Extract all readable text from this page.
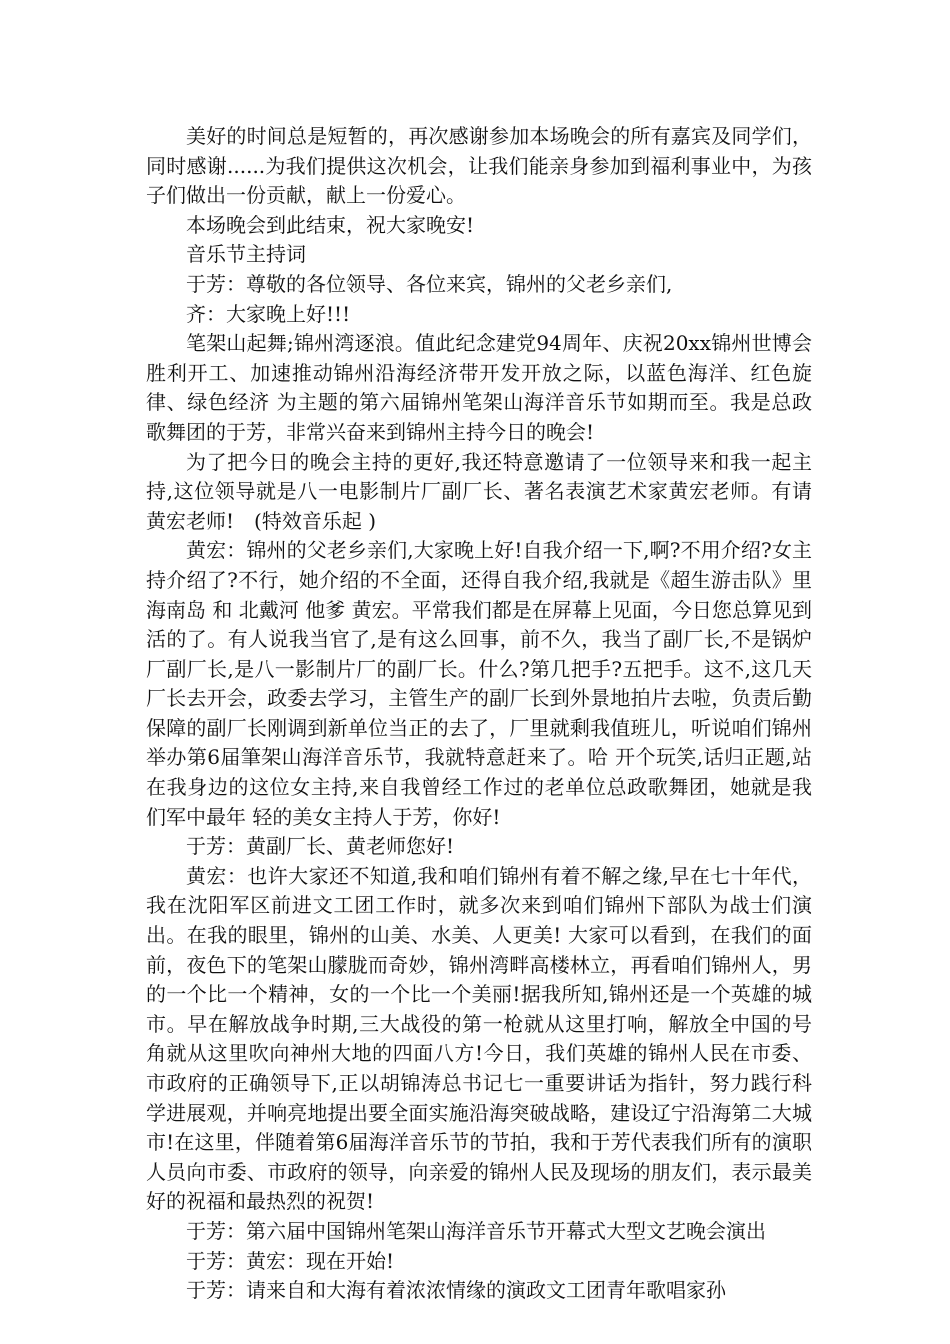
美好的时间总是短暂的，再次感谢参加本场晚会的所有嘉宾及同学们，同时感谢......为我们提供这次机会，让我们能亲身参加到福利事业中，为孩子们做出一份贡献，献上一份爱心。

本场晚会到此结束，祝大家晚安!

音乐节主持词

于芳：尊敬的各位领导、各位来宾，锦州的父老乡亲们,

齐：大家晚上好!!!

笔架山起舞;锦州湾逐浪。值此纪念建党94周年、庆祝20xx锦州世博会胜利开工、加速推动锦州沿海经济带开发开放之际，以蓝色海洋、红色旋律、绿色经济 为主题的第六届锦州笔架山海洋音乐节如期而至。我是总政歌舞团的于芳，非常兴奋来到锦州主持今日的晚会!

为了把今日的晚会主持的更好,我还特意邀请了一位领导来和我一起主持,这位领导就是八一电影制片厂副厂长、著名表演艺术家黄宏老师。有请黄宏老师!　(特效音乐起 )

黄宏：锦州的父老乡亲们,大家晚上好!自我介绍一下,啊?不用介绍?女主持介绍了?不行，她介绍的不全面，还得自我介绍,我就是《超生游击队》里 海南岛 和 北戴河 他爹 黄宏。平常我们都是在屏幕上见面，今日您总算见到活的了。有人说我当官了,是有这么回事，前不久，我当了副厂长,不是锅炉厂副厂长,是八一影制片厂的副厂长。什么?第几把手?五把手。这不,这几天厂长去开会，政委去学习，主管生产的副厂长到外景地拍片去啦，负责后勤保障的副厂长刚调到新单位当正的去了，厂里就剩我值班儿，听说咱们锦州举办第6届筆架山海洋音乐节，我就特意赶来了。哈 开个玩笑,话归正题,站在我身边的这位女主持,来自我曾经工作过的老单位总政歌舞团，她就是我们军中最年 轻的美女主持人于芳，你好!

于芳：黄副厂长、黄老师您好!

黄宏：也许大家还不知道,我和咱们锦州有着不解之缘,早在七十年代，我在沈阳军区前进文工团工作时，就多次来到咱们锦州下部队为战士们演出。在我的眼里，锦州的山美、水美、人更美! 大家可以看到，在我们的面前，夜色下的笔架山朦胧而奇妙，锦州湾畔高楼林立，再看咱们锦州人，男的一个比一个精神，女的一个比一个美丽!据我所知,锦州还是一个英雄的城市。早在解放战争时期,三大战役的第一枪就从这里打响，解放全中国的号角就从这里吹向神州大地的四面八方!今日，我们英雄的锦州人民在市委、市政府的正确领导下,正以胡锦涛总书记七一重要讲话为指针，努力践行科学进展观，并响亮地提出要全面实施沿海突破战略，建设辽宁沿海第二大城市!在这里，伴随着第6届海洋音乐节的节拍，我和于芳代表我们所有的演职人员向市委、市政府的领导，向亲爱的锦州人民及现场的朋友们，表示最美好的祝福和最热烈的祝贺!

于芳：第六届中国锦州笔架山海洋音乐节开幕式大型文艺晚会演出

于芳：黄宏：现在开始!

于芳：请来自和大海有着浓浓情缘的演政文工团青年歌唱家孙
